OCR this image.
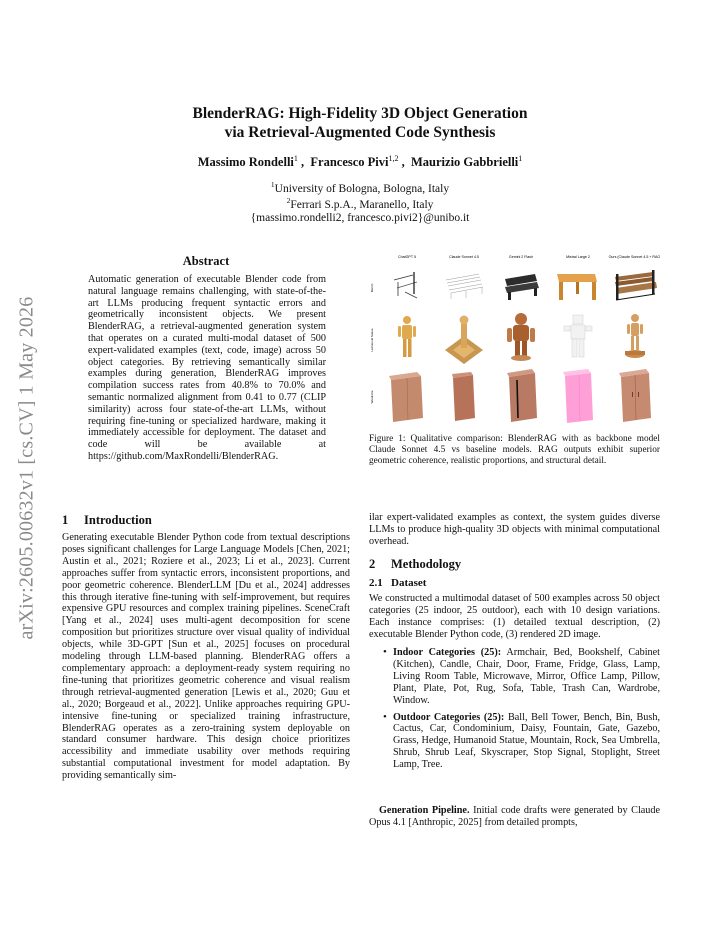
arXiv:2605.00632v1 [cs.CV] 1 May 2026
BlenderRAG: High-Fidelity 3D Object Generation
via Retrieval-Augmented Code Synthesis
Massimo Rondelli$^1$ ,  Francesco Pivi$^{1,2}$ ,  Maurizio Gabbrielli$^1$
$^1$University of Bologna, Bologna, Italy
$^2$Ferrari S.p.A., Maranello, Italy
{massimo.rondelli2, francesco.pivi2}@unibo.it
Abstract
Automatic generation of executable Blender code from natural language remains challenging, with state-of-the-art LLMs producing frequent syntactic errors and geometrically inconsistent objects. We present BlenderRAG, a retrieval-augmented generation system that operates on a curated multi-modal dataset of 500 expert-validated examples (text, code, image) across 50 object categories. By retrieving semantically similar examples during generation, BlenderRAG improves compilation success rates from 40.8% to 70.0% and semantic normalized alignment from 0.41 to 0.77 (CLIP similarity) across four state-of-the-art LLMs, without requiring fine-tuning or specialized hardware, making it immediately accessible for deployment. The dataset and code will be available at https://github.com/MaxRondelli/BlenderRAG.
ChatGPT 5	Claude Sonnet 4.5	Gemini 2 Flash	Mistral Large 2	Ours (Claude Sonnet 4.5 + RAG)
Bench
Humanoid Statue
Wardrobe
Figure 1: Qualitative comparison: BlenderRAG with as backbone model Claude Sonnet 4.5 vs baseline models. RAG outputs exhibit superior geometric coherence, realistic proportions, and structural detail.
1 Introduction
Generating executable Blender Python code from textual descriptions poses significant challenges for Large Language Models [Chen, 2021; Austin et al., 2021; Roziere et al., 2023; Li et al., 2023]. Current approaches suffer from syntactic errors, inconsistent proportions, and poor geometric coherence. BlenderLLM [Du et al., 2024] addresses this through iterative fine-tuning with self-improvement, but requires expensive GPU resources and complex training pipelines. SceneCraft [Yang et al., 2024] uses multi-agent decomposition for scene composition but prioritizes structure over visual quality of individual objects, while 3D-GPT [Sun et al., 2025] focuses on procedural modeling through LLM-based planning. BlenderRAG offers a complementary approach: a deployment-ready system requiring no fine-tuning that prioritizes geometric coherence and visual realism through retrieval-augmented generation [Lewis et al., 2020; Guu et al., 2020; Borgeaud et al., 2022]. Unlike approaches requiring GPU-intensive fine-tuning or specialized training infrastructure, BlenderRAG operates as a zero-training system deployable on standard consumer hardware. This design choice prioritizes accessibility and immediate usability over methods requiring substantial computational investment for model adaptation. By providing semantically sim-
ilar expert-validated examples as context, the system guides diverse LLMs to produce high-quality 3D objects with minimal computational overhead.
2 Methodology
2.1 Dataset
We constructed a multimodal dataset of 500 examples across 50 object categories (25 indoor, 25 outdoor), each with 10 design variations. Each instance comprises: (1) detailed textual description, (2) executable Blender Python code, (3) rendered 2D image.
• Indoor Categories (25): Armchair, Bed, Bookshelf, Cabinet (Kitchen), Candle, Chair, Door, Frame, Fridge, Glass, Lamp, Living Room Table, Microwave, Mirror, Office Lamp, Pillow, Plant, Plate, Pot, Rug, Sofa, Table, Trash Can, Wardrobe, Window.
• Outdoor Categories (25): Ball, Bell Tower, Bench, Bin, Bush, Cactus, Car, Condominium, Daisy, Fountain, Gate, Gazebo, Grass, Hedge, Humanoid Statue, Mountain, Rock, Sea Umbrella, Shrub, Shrub Leaf, Skyscraper, Stop Signal, Stoplight, Street Lamp, Tree.
Generation Pipeline. Initial code drafts were generated by Claude Opus 4.1 [Anthropic, 2025] from detailed prompts,
